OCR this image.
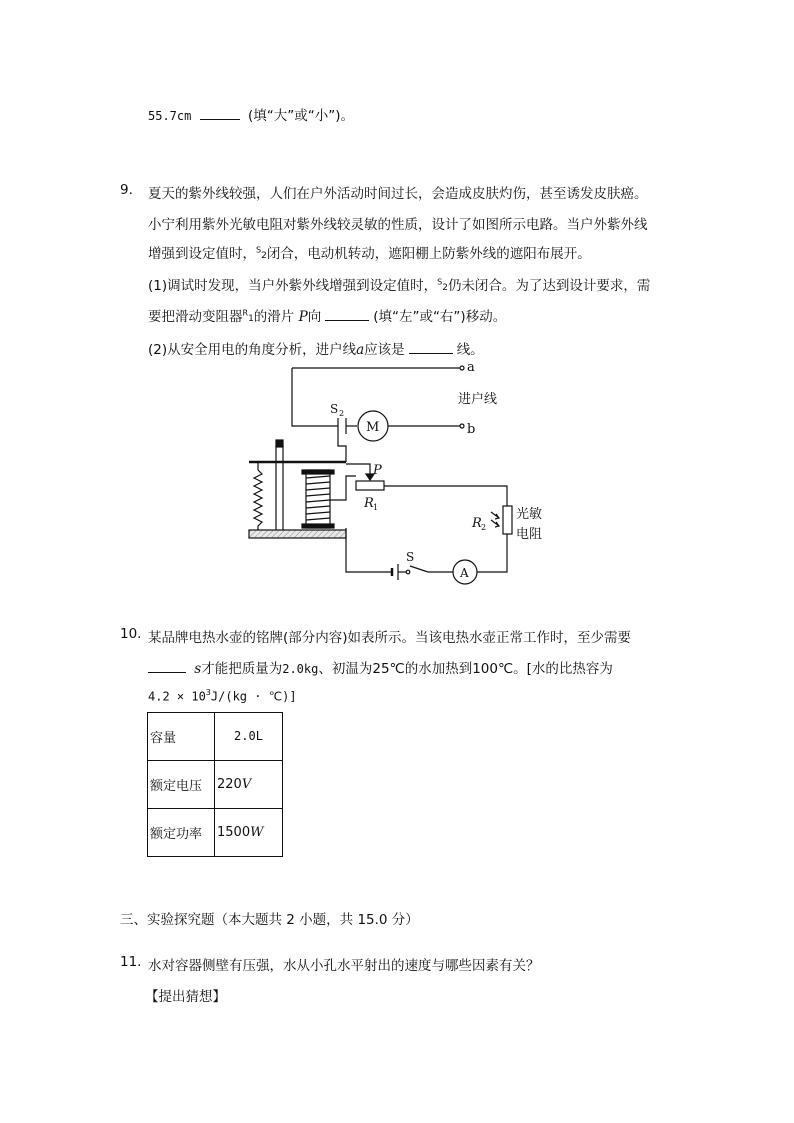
55.7cm	(填“大”或“小”)。
9. 夏天的紫外线较强，人们在户外活动时间过长，会造成皮肤灼伤，甚至诱发皮肤癌。
小宁利用紫外光敏电阻对紫外线较灵敏的性质，设计了如图所示电路。当户外紫外线
增强到设定值时，$^S$2闭合，电动机转动，遮阳棚上防紫外线的遮阳布展开。
(1)调试时发现，当户外紫外线增强到设定值时，$^S$2仍未闭合。为了达到设计要求，需
要把滑动变阻器$^R$1的滑片 P向	(填“左”或“右”)移动。
(2)从安全用电的角度分析，进户线a应该是	线。
a
b
进户线
S 2
M
P
R 1
R 2
光敏
电阻
S
A
10. 某品牌电热水壶的铭牌(部分内容)如表所示。当该电热水壶正常工作时，至少需要
s才能把质量为2.0kg、初温为25℃的水加热到100℃。[水的比热容为
$4.2 \times 10^3J/(kg$ · ℃)]
容量	2.0L
额定电压	220V
额定功率	1500W
三、实验探究题（本大题共 2 小题，共 15.0 分）
11. 水对容器侧壁有压强，水从小孔水平射出的速度与哪些因素有关？
【提出猜想】
